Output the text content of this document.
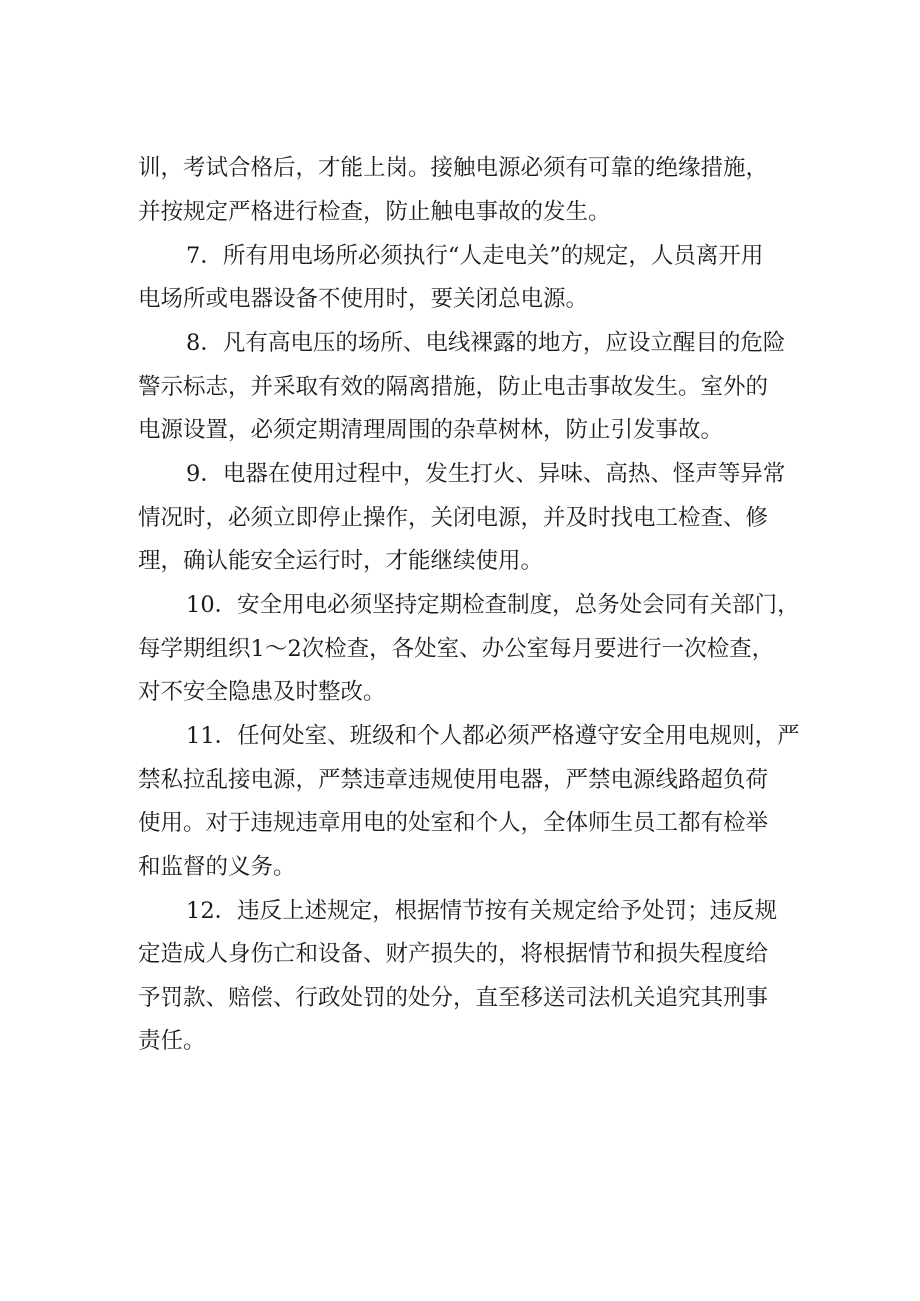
训，考试合格后，才能上岗。接触电源必须有可靠的绝缘措施，
并按规定严格进行检查，防止触电事故的发生。
7．所有用电场所必须执行“人走电关”的规定，人员离开用
电场所或电器设备不使用时，要关闭总电源。
8．凡有高电压的场所、电线裸露的地方，应设立醒目的危险
警示标志，并采取有效的隔离措施，防止电击事故发生。室外的
电源设置，必须定期清理周围的杂草树林，防止引发事故。
9．电器在使用过程中，发生打火、异味、高热、怪声等异常
情况时，必须立即停止操作，关闭电源，并及时找电工检查、修
理，确认能安全运行时，才能继续使用。
10．安全用电必须坚持定期检查制度，总务处会同有关部门，
每学期组织1～2次检查，各处室、办公室每月要进行一次检查，
对不安全隐患及时整改。
11．任何处室、班级和个人都必须严格遵守安全用电规则，严
禁私拉乱接电源，严禁违章违规使用电器，严禁电源线路超负荷
使用。对于违规违章用电的处室和个人，全体师生员工都有检举
和监督的义务。
12．违反上述规定，根据情节按有关规定给予处罚；违反规
定造成人身伤亡和设备、财产损失的，将根据情节和损失程度给
予罚款、赔偿、行政处罚的处分，直至移送司法机关追究其刑事
责任。
